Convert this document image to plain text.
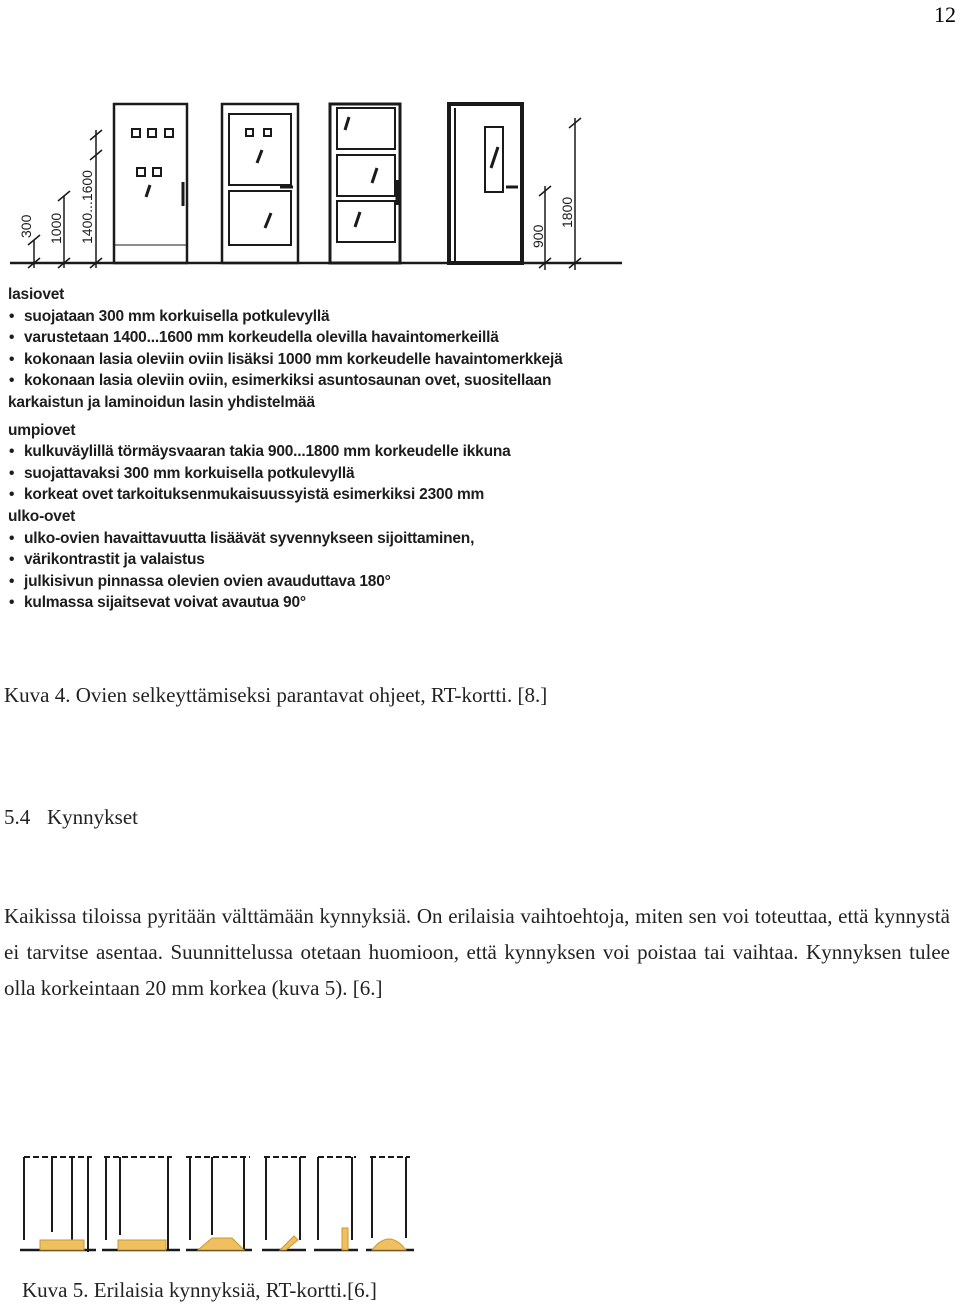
12
300 1000 1400...1600	900
1800
lasiovet
• suojataan 300 mm korkuisella potkulevyllä
• varustetaan 1400...1600 mm korkeudella olevilla havaintomerkeillä
• kokonaan lasia oleviin oviin lisäksi 1000 mm korkeudelle havaintomerkkejä
• kokonaan lasia oleviin oviin, esimerkiksi asuntosaunan ovet, suositellaan
karkaistun ja laminoidun lasin yhdistelmää
umpiovet
• kulkuväylillä törmäysvaaran takia 900...1800 mm korkeudelle ikkuna
• suojattavaksi 300 mm korkuisella potkulevyllä
• korkeat ovet tarkoituksenmukaisuussyistä esimerkiksi 2300 mm
ulko-ovet
• ulko-ovien havaittavuutta lisäävät syvennykseen sijoittaminen,
• värikontrastit ja valaistus
• julkisivun pinnassa olevien ovien avauduttava 180°
• kulmassa sijaitsevat voivat avautua 90°
Kuva 4. Ovien selkeyttämiseksi parantavat ohjeet, RT-kortti. [8.]
5.4 Kynnykset

Kaikissa tiloissa pyritään välttämään kynnyksiä. On erilaisia vaihtoehtoja, miten sen voi toteuttaa, että kynnystä ei tarvitse asentaa. Suunnittelussa otetaan huomioon, että kynnyksen voi poistaa tai vaihtaa. Kynnyksen tulee olla korkeintaan 20 mm korkea (kuva 5). [6.]

Kuva 5. Erilaisia kynnyksiä, RT-kortti.[6.]
